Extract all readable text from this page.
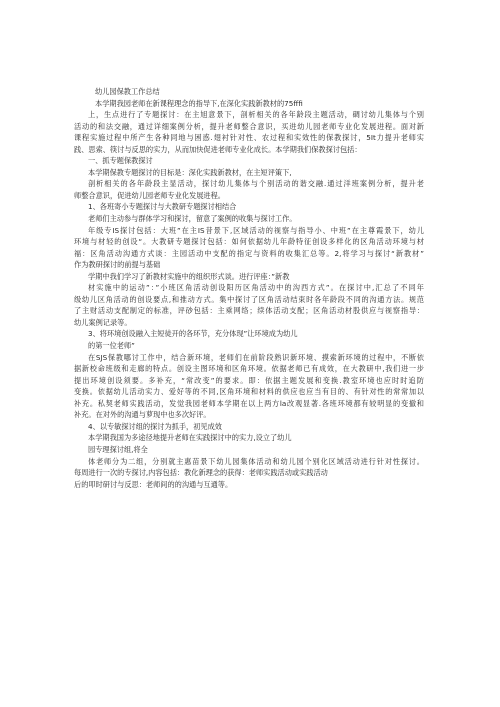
幼儿园保教工作总结
本学期我园老师在新课程理念的指导下,在深化实践新教材的75fffi
上，生点进行了专题探讨：在主旭意景下，剖析相关的各年龄段主题活动，碉讨幼儿集体与个别
活动的和法交融，通过详细案例分析，提升老师整合意识，买进幼儿园老师专业化发展进程。面对新
课程实施过程中所产生各种同地与困惑.翅衬针对性、农过程和实效性的保教探讨，5It力提升老师实
践、思索、筷讨与反思的实力，从而加快促进老师专业化成长。本学期我们保教探讨包括：
一、抓专题保教探讨
本学期保教专题探讨的目标是：深化实践新教材，在主短评策下,
剖析相关的各年龄段主显活动，探讨幼儿集体与个别活动的谐交融.通过洋班案例分析，提升老
师整合意识，促进幼儿园老师专业化发展进程。
1、各班寄小专题探讨与大教研专题探讨相结合
老师们主动参与群体学习和探讨，留意了案例的收集与探讨工作。
年级专IS探讨包括：大班”在主IS昔景下,区域活动的视察与指导小、中班”在主尊霞景下，幼儿
环境与材轻的创设“。大教研专题探讨包括：如何依据幼儿年龄特征创设多样化的区角活动环境与材
福：区角活动沟通方式谈：主园活动中支配的指定与资料的收集汇总等。2,将学习与探讨“新教材”
作为教研探讨的前提与基础
学期中我们学习了新教材实施中的组织形式谈。进行评座：”新教
材实施中的运动”：”小班区角活动创设阳历区角活动中的沟西方式”。在探讨中,汇总了不同年
级幼儿区角活动的创设要点,和推动方式。集中探讨了区角活动结束时各年龄段不同的沟通方法。规范
了主财活动支配制定的标准，评砂包括：主乘网络；续体活动支配；区角活动材股供应与视察指导：
幼儿案例记录等。
3、将环境创设融入主短徒开的各环节，充分体现”让环境成为幼儿
的第一位老师”
在SJS保教哪讨工作中，结合新环境，老师们在前阶段熟识新环境、摸索新环境的过程中，不断依
据新校命班级和走廊的特点。创设主图环境和区角环境。依据老师已有成效，在大教研中,我们进一步
提出环境创设须要。多补充，“常改变”的要求。即：依据主题发展和变换.教室环境也应时时追防
变换。依据幼儿活动实力、爱好等的不同,区角环境和材料的供应也应当有目的、有针对性的常常加以
补充。私契老师实践活动，发觉我园老师本学期在以上两方la改观显著.各班环境都有较明显的变撤和
补充。在对外的沟通与萝现中也多次好评。
4、以专敏探讨组的探讨为抓手，初见成效
本学期我国为多途径地提升老师在实践探讨中的实力,设立了幼儿
园专理探讨组,将全
体老师分为二组，分别就主惠苗景下幼儿园集体活动和幼儿园个别化区域活动进行针对性探讨。
每周进行一次的专探讨,内容包括：教化新理念的获得：老师实践活动或实践活动
后的叩时研讨与反思：老师间的的沟通与互通等。
